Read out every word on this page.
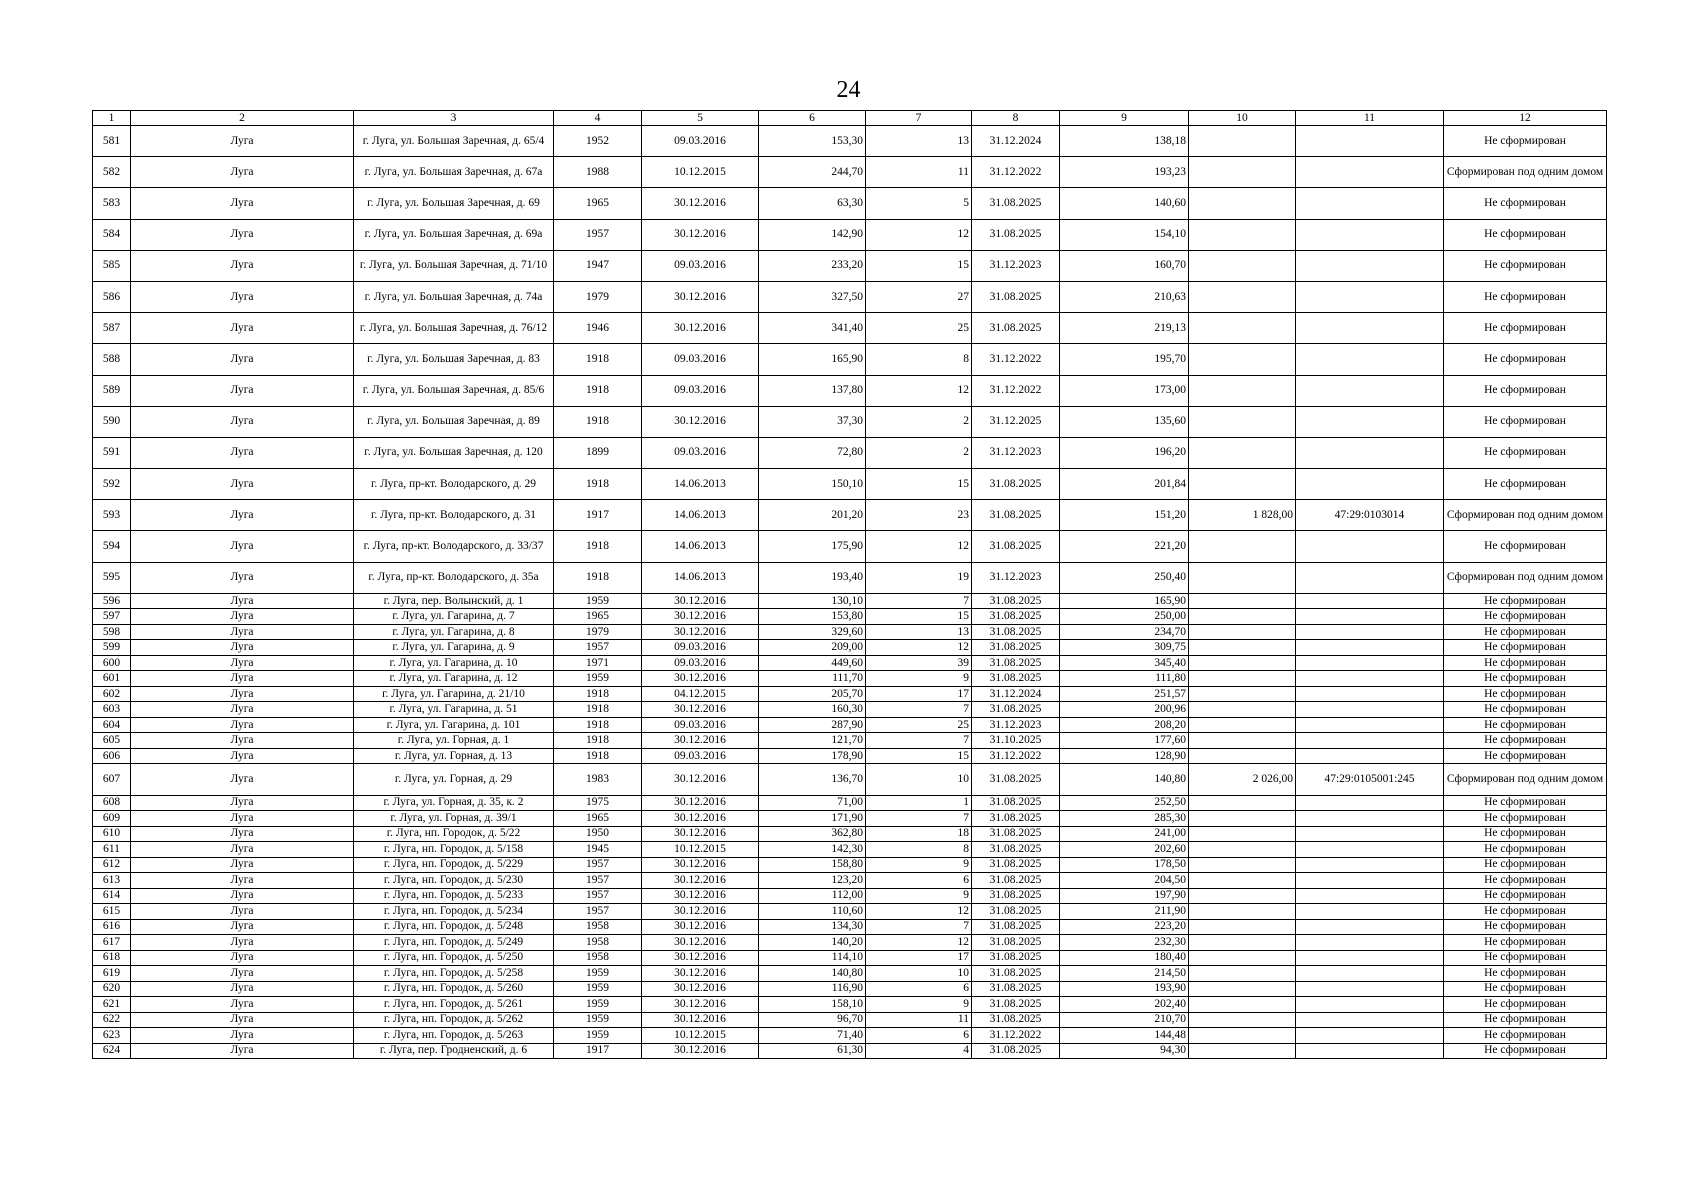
24
1	2	3	4	5	6	7	8	9	10	11	12
581	Луга	г. Луга, ул. Большая Заречная, д. 65/4	1952	09.03.2016	153,30	13	31.12.2024	138,18			Не сформирован
582	Луга	г. Луга, ул. Большая Заречная, д. 67а	1988	10.12.2015	244,70	11	31.12.2022	193,23			Сформирован под одним домом
583	Луга	г. Луга, ул. Большая Заречная, д. 69	1965	30.12.2016	63,30	5	31.08.2025	140,60			Не сформирован
584	Луга	г. Луга, ул. Большая Заречная, д. 69а	1957	30.12.2016	142,90	12	31.08.2025	154,10			Не сформирован
585	Луга	г. Луга, ул. Большая Заречная, д. 71/10	1947	09.03.2016	233,20	15	31.12.2023	160,70			Не сформирован
586	Луга	г. Луга, ул. Большая Заречная, д. 74а	1979	30.12.2016	327,50	27	31.08.2025	210,63			Не сформирован
587	Луга	г. Луга, ул. Большая Заречная, д. 76/12	1946	30.12.2016	341,40	25	31.08.2025	219,13			Не сформирован
588	Луга	г. Луга, ул. Большая Заречная, д. 83	1918	09.03.2016	165,90	8	31.12.2022	195,70			Не сформирован
589	Луга	г. Луга, ул. Большая Заречная, д. 85/6	1918	09.03.2016	137,80	12	31.12.2022	173,00			Не сформирован
590	Луга	г. Луга, ул. Большая Заречная, д. 89	1918	30.12.2016	37,30	2	31.12.2025	135,60			Не сформирован
591	Луга	г. Луга, ул. Большая Заречная, д. 120	1899	09.03.2016	72,80	2	31.12.2023	196,20			Не сформирован
592	Луга	г. Луга, пр-кт. Володарского, д. 29	1918	14.06.2013	150,10	15	31.08.2025	201,84			Не сформирован
593	Луга	г. Луга, пр-кт. Володарского, д. 31	1917	14.06.2013	201,20	23	31.08.2025	151,20	1 828,00	47:29:0103014	Сформирован под одним домом
594	Луга	г. Луга, пр-кт. Володарского, д. 33/37	1918	14.06.2013	175,90	12	31.08.2025	221,20			Не сформирован
595	Луга	г. Луга, пр-кт. Володарского, д. 35а	1918	14.06.2013	193,40	19	31.12.2023	250,40			Сформирован под одним домом
596	Луга	г. Луга, пер. Волынский, д. 1	1959	30.12.2016	130,10	7	31.08.2025	165,90			Не сформирован
597	Луга	г. Луга, ул. Гагарина, д. 7	1965	30.12.2016	153,80	15	31.08.2025	250,00			Не сформирован
598	Луга	г. Луга, ул. Гагарина, д. 8	1979	30.12.2016	329,60	13	31.08.2025	234,70			Не сформирован
599	Луга	г. Луга, ул. Гагарина, д. 9	1957	09.03.2016	209,00	12	31.08.2025	309,75			Не сформирован
600	Луга	г. Луга, ул. Гагарина, д. 10	1971	09.03.2016	449,60	39	31.08.2025	345,40			Не сформирован
601	Луга	г. Луга, ул. Гагарина, д. 12	1959	30.12.2016	111,70	9	31.08.2025	111,80			Не сформирован
602	Луга	г. Луга, ул. Гагарина, д. 21/10	1918	04.12.2015	205,70	17	31.12.2024	251,57			Не сформирован
603	Луга	г. Луга, ул. Гагарина, д. 51	1918	30.12.2016	160,30	7	31.08.2025	200,96			Не сформирован
604	Луга	г. Луга, ул. Гагарина, д. 101	1918	09.03.2016	287,90	25	31.12.2023	208,20			Не сформирован
605	Луга	г. Луга, ул. Горная, д. 1	1918	30.12.2016	121,70	7	31.10.2025	177,60			Не сформирован
606	Луга	г. Луга, ул. Горная, д. 13	1918	09.03.2016	178,90	15	31.12.2022	128,90			Не сформирован
607	Луга	г. Луга, ул. Горная, д. 29	1983	30.12.2016	136,70	10	31.08.2025	140,80	2 026,00	47:29:0105001:245	Сформирован под одним домом
608	Луга	г. Луга, ул. Горная, д. 35, к. 2	1975	30.12.2016	71,00	1	31.08.2025	252,50			Не сформирован
609	Луга	г. Луга, ул. Горная, д. 39/1	1965	30.12.2016	171,90	7	31.08.2025	285,30			Не сформирован
610	Луга	г. Луга, нп. Городок, д. 5/22	1950	30.12.2016	362,80	18	31.08.2025	241,00			Не сформирован
611	Луга	г. Луга, нп. Городок, д. 5/158	1945	10.12.2015	142,30	8	31.08.2025	202,60			Не сформирован
612	Луга	г. Луга, нп. Городок, д. 5/229	1957	30.12.2016	158,80	9	31.08.2025	178,50			Не сформирован
613	Луга	г. Луга, нп. Городок, д. 5/230	1957	30.12.2016	123,20	6	31.08.2025	204,50			Не сформирован
614	Луга	г. Луга, нп. Городок, д. 5/233	1957	30.12.2016	112,00	9	31.08.2025	197,90			Не сформирован
615	Луга	г. Луга, нп. Городок, д. 5/234	1957	30.12.2016	110,60	12	31.08.2025	211,90			Не сформирован
616	Луга	г. Луга, нп. Городок, д. 5/248	1958	30.12.2016	134,30	7	31.08.2025	223,20			Не сформирован
617	Луга	г. Луга, нп. Городок, д. 5/249	1958	30.12.2016	140,20	12	31.08.2025	232,30			Не сформирован
618	Луга	г. Луга, нп. Городок, д. 5/250	1958	30.12.2016	114,10	17	31.08.2025	180,40			Не сформирован
619	Луга	г. Луга, нп. Городок, д. 5/258	1959	30.12.2016	140,80	10	31.08.2025	214,50			Не сформирован
620	Луга	г. Луга, нп. Городок, д. 5/260	1959	30.12.2016	116,90	6	31.08.2025	193,90			Не сформирован
621	Луга	г. Луга, нп. Городок, д. 5/261	1959	30.12.2016	158,10	9	31.08.2025	202,40			Не сформирован
622	Луга	г. Луга, нп. Городок, д. 5/262	1959	30.12.2016	96,70	11	31.08.2025	210,70			Не сформирован
623	Луга	г. Луга, нп. Городок, д. 5/263	1959	10.12.2015	71,40	6	31.12.2022	144,48			Не сформирован
624	Луга	г. Луга, пер. Гродненский, д. 6	1917	30.12.2016	61,30	4	31.08.2025	94,30			Не сформирован
